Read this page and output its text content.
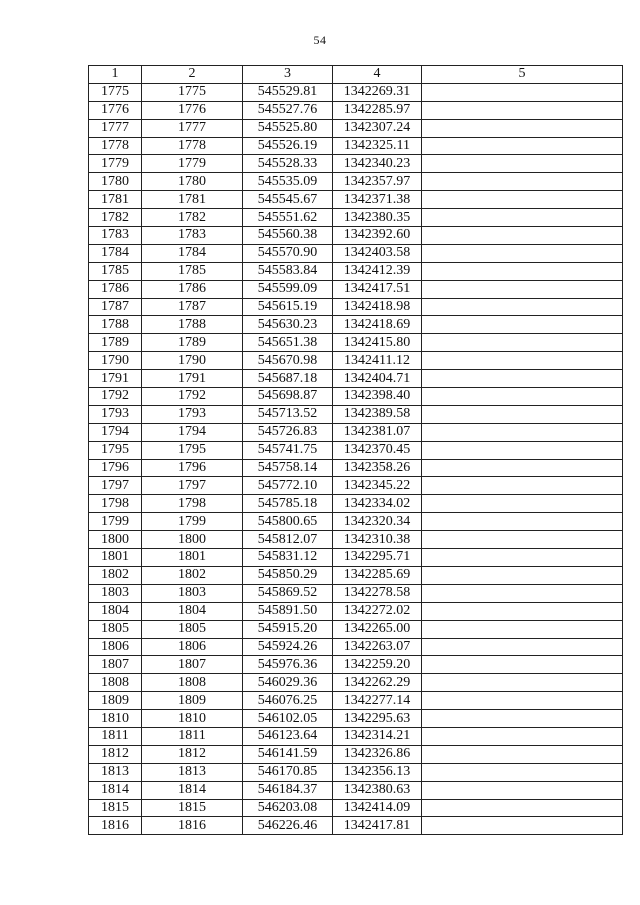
54
1	2	3	4	5
1775	1775	545529.81	1342269.31	
1776	1776	545527.76	1342285.97	
1777	1777	545525.80	1342307.24	
1778	1778	545526.19	1342325.11	
1779	1779	545528.33	1342340.23	
1780	1780	545535.09	1342357.97	
1781	1781	545545.67	1342371.38	
1782	1782	545551.62	1342380.35	
1783	1783	545560.38	1342392.60	
1784	1784	545570.90	1342403.58	
1785	1785	545583.84	1342412.39	
1786	1786	545599.09	1342417.51	
1787	1787	545615.19	1342418.98	
1788	1788	545630.23	1342418.69	
1789	1789	545651.38	1342415.80	
1790	1790	545670.98	1342411.12	
1791	1791	545687.18	1342404.71	
1792	1792	545698.87	1342398.40	
1793	1793	545713.52	1342389.58	
1794	1794	545726.83	1342381.07	
1795	1795	545741.75	1342370.45	
1796	1796	545758.14	1342358.26	
1797	1797	545772.10	1342345.22	
1798	1798	545785.18	1342334.02	
1799	1799	545800.65	1342320.34	
1800	1800	545812.07	1342310.38	
1801	1801	545831.12	1342295.71	
1802	1802	545850.29	1342285.69	
1803	1803	545869.52	1342278.58	
1804	1804	545891.50	1342272.02	
1805	1805	545915.20	1342265.00	
1806	1806	545924.26	1342263.07	
1807	1807	545976.36	1342259.20	
1808	1808	546029.36	1342262.29	
1809	1809	546076.25	1342277.14	
1810	1810	546102.05	1342295.63	
1811	1811	546123.64	1342314.21	
1812	1812	546141.59	1342326.86	
1813	1813	546170.85	1342356.13	
1814	1814	546184.37	1342380.63	
1815	1815	546203.08	1342414.09	
1816	1816	546226.46	1342417.81	
